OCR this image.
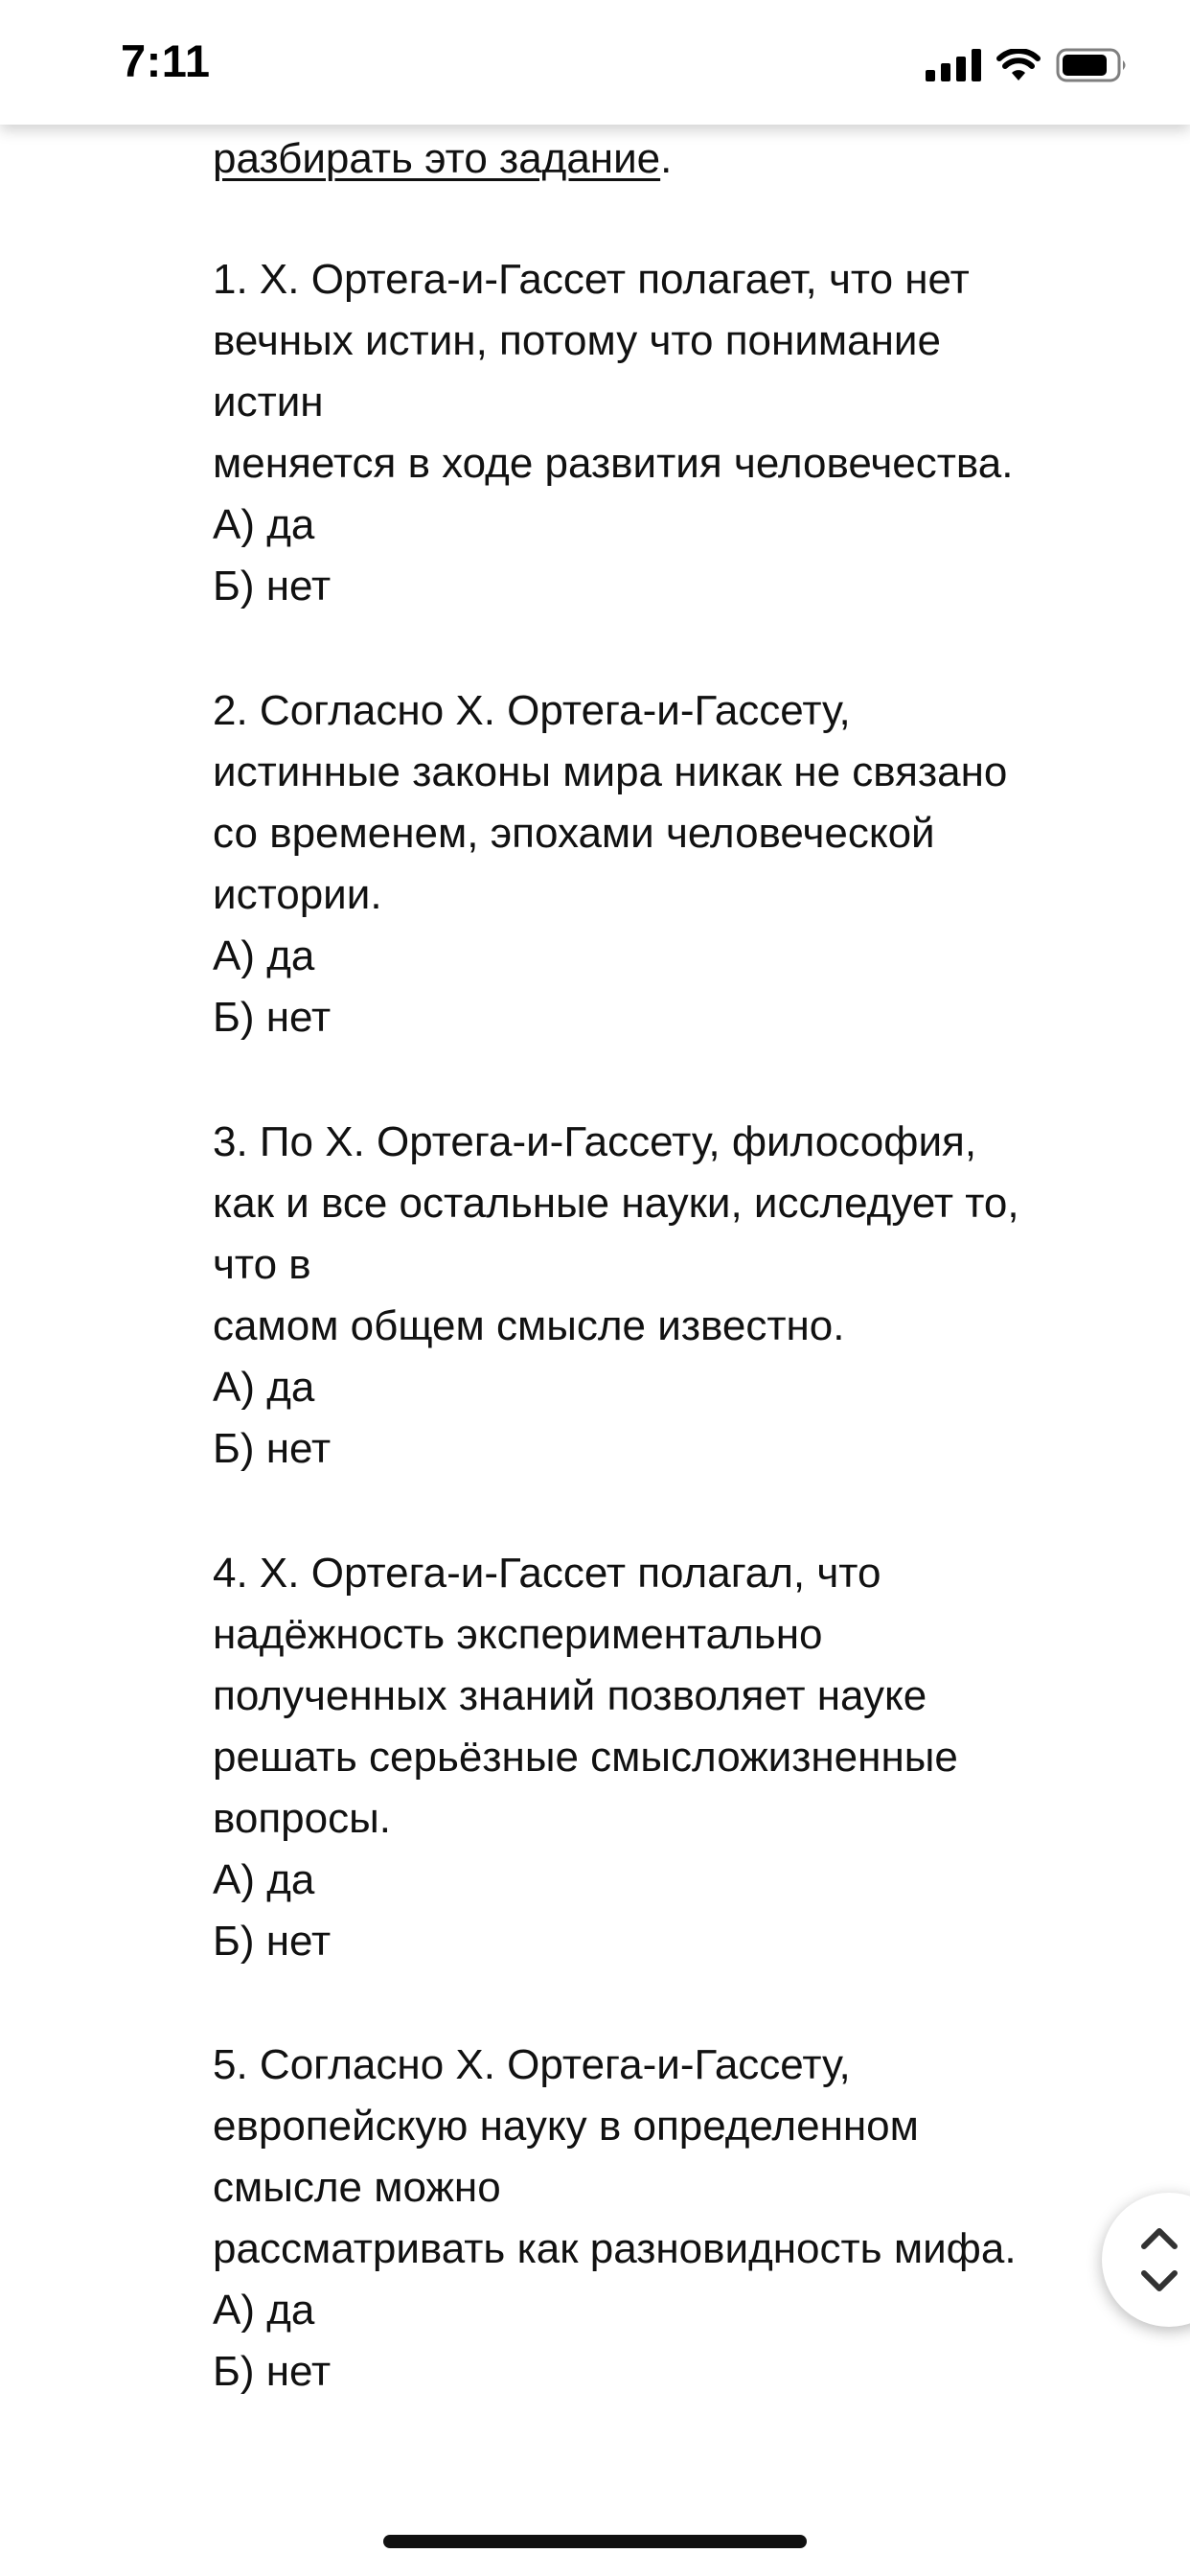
7:11
разбирать это задание.
1. Х. Ортега-и-Гассет полагает, что нет
вечных истин, потому что понимание
истин
меняется в ходе развития человечества.
А) да
Б) нет
2. Согласно Х. Ортега-и-Гассету,
истинные законы мира никак не связано
со временем, эпохами человеческой
истории.
А) да
Б) нет
3. По Х. Ортега-и-Гассету, философия,
как и все остальные науки, исследует то,
что в
самом общем смысле известно.
А) да
Б) нет
4. Х. Ортега-и-Гассет полагал, что
надёжность экспериментально
полученных знаний позволяет науке
решать серьёзные смысложизненные
вопросы.
А) да
Б) нет
5. Согласно Х. Ортега-и-Гассету,
европейскую науку в определенном
смысле можно
рассматривать как разновидность мифа.
А) да
Б) нет
